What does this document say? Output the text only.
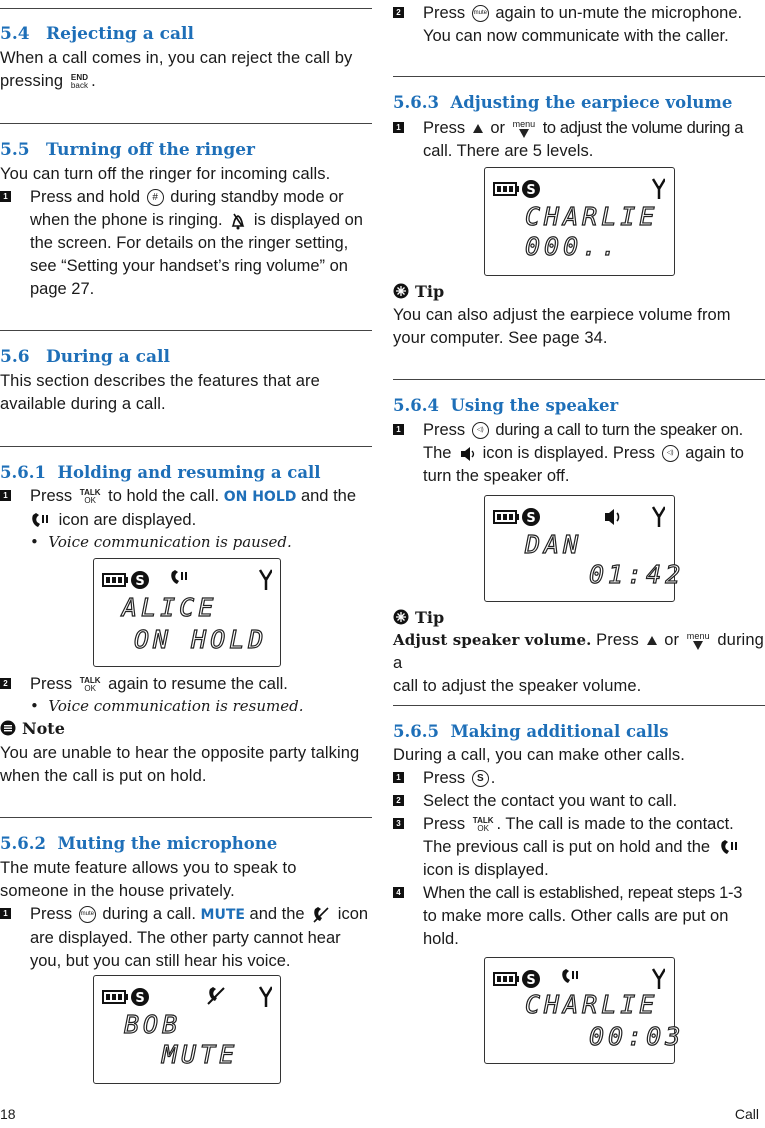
5.4 Rejecting a call
When a call comes in, you can reject the call by
pressing END
back .
5.5 Turning off the ringer
You can turn off the ringer for incoming calls.
1 Press and hold # during standby mode or
when the phone is ringing. is displayed on
the screen. For details on the ringer setting,
see “Setting your handset’s ring volume” on
page 27.
5.6 During a call
This section describes the features that are
available during a call.
5.6.1 Holding and resuming a call
1 Press TALK
OK to hold the call. ON HOLD and the
icon are displayed.
•  Voice communication is paused.
S
ALICE
ON HOLD
2 Press TALK
OK again to resume the call.
•  Voice communication is resumed.
Note
You are unable to hear the opposite party talking
when the call is put on hold.
5.6.2 Muting the microphone
The mute feature allows you to speak to
someone in the house privately.
1 Press mute during a call. MUTE and the icon
are displayed. The other party cannot hear
you, but you can still hear his voice.
S
BOB
MUTE
2 Press mute again to un-mute the microphone.
You can now communicate with the caller.
5.6.3 Adjusting the earpiece volume
1 Press or menu to adjust the volume during a
call. There are 5 levels.
S
CHARLIE
000..
Tip
You can also adjust the earpiece volume from
your computer. See page 34.
5.6.4 Using the speaker
1 Press ◁) during a call to turn the speaker on.
The icon is displayed. Press ◁) again to
turn the speaker off.
S
DAN
01:42
Tip
Adjust speaker volume. Press or menu during a
call to adjust the speaker volume.
5.6.5 Making additional calls
During a call, you can make other calls.
1 Press S .
2 Select the contact you want to call.
3 Press TALK
OK . The call is made to the contact.
The previous call is put on hold and the
icon is displayed.
4 When the call is established, repeat steps 1-3
to make more calls. Other calls are put on
hold.
S
CHARLIE
00:03
18	Call
